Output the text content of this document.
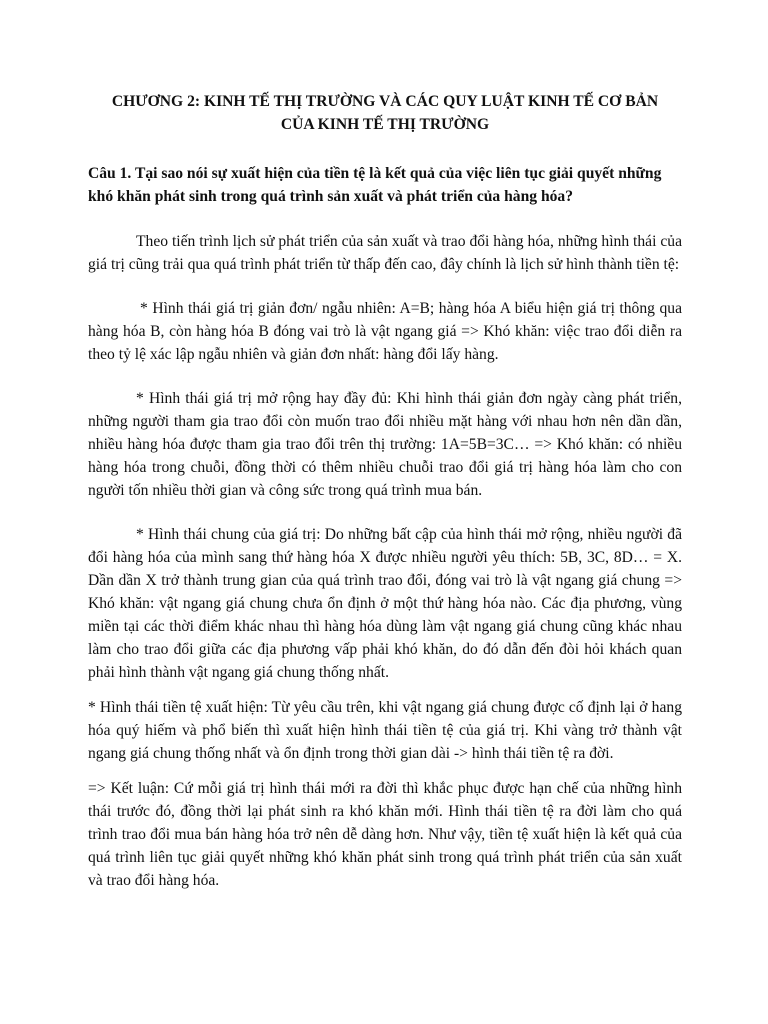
CHƯƠNG 2: KINH TẾ THỊ TRƯỜNG VÀ CÁC QUY LUẬT KINH TẾ CƠ BẢN
CỦA KINH TẾ THỊ TRƯỜNG

Câu 1. Tại sao nói sự xuất hiện của tiền tệ là kết quả của việc liên tục giải quyết những khó khăn phát sinh trong quá trình sản xuất và phát triển của hàng hóa?

Theo tiến trình lịch sử phát triển của sản xuất và trao đổi hàng hóa, những hình thái của giá trị cũng trải qua quá trình phát triển từ thấp đến cao, đây chính là lịch sử hình thành tiền tệ:

* Hình thái giá trị giản đơn/ ngẫu nhiên: A=B; hàng hóa A biểu hiện giá trị thông qua hàng hóa B, còn hàng hóa B đóng vai trò là vật ngang giá => Khó khăn: việc trao đổi diễn ra theo tỷ lệ xác lập ngẫu nhiên và giản đơn nhất: hàng đổi lấy hàng.

* Hình thái giá trị mở rộng hay đầy đủ: Khi hình thái giản đơn ngày càng phát triển, những người tham gia trao đổi còn muốn trao đổi nhiều mặt hàng với nhau hơn nên dần dần, nhiều hàng hóa được tham gia trao đổi trên thị trường: 1A=5B=3C… => Khó khăn: có nhiều hàng hóa trong chuỗi, đồng thời có thêm nhiều chuỗi trao đổi giá trị hàng hóa làm cho con người tốn nhiều thời gian và công sức trong quá trình mua bán.

* Hình thái chung của giá trị: Do những bất cập của hình thái mở rộng, nhiều người đã đổi hàng hóa của mình sang thứ hàng hóa X được nhiều người yêu thích: 5B, 3C, 8D… = X. Dần dần X trở thành trung gian của quá trình trao đổi, đóng vai trò là vật ngang giá chung => Khó khăn: vật ngang giá chung chưa ổn định ở một thứ hàng hóa nào. Các địa phương, vùng miền tại các thời điểm khác nhau thì hàng hóa dùng làm vật ngang giá chung cũng khác nhau làm cho trao đổi giữa các địa phương vấp phải khó khăn, do đó dẫn đến đòi hỏi khách quan phải hình thành vật ngang giá chung thống nhất.

* Hình thái tiền tệ xuất hiện: Từ yêu cầu trên, khi vật ngang giá chung được cố định lại ở hang hóa quý hiếm và phổ biến thì xuất hiện hình thái tiền tệ của giá trị. Khi vàng trở thành vật ngang giá chung thống nhất và ổn định trong thời gian dài -> hình thái tiền tệ ra đời.

=> Kết luận: Cứ mỗi giá trị hình thái mới ra đời thì khắc phục được hạn chế của những hình thái trước đó, đồng thời lại phát sinh ra khó khăn mới. Hình thái tiền tệ ra đời làm cho quá trình trao đổi mua bán hàng hóa trở nên dễ dàng hơn. Như vậy, tiền tệ xuất hiện là kết quả của quá trình liên tục giải quyết những khó khăn phát sinh trong quá trình phát triển của sản xuất và trao đổi hàng hóa.
